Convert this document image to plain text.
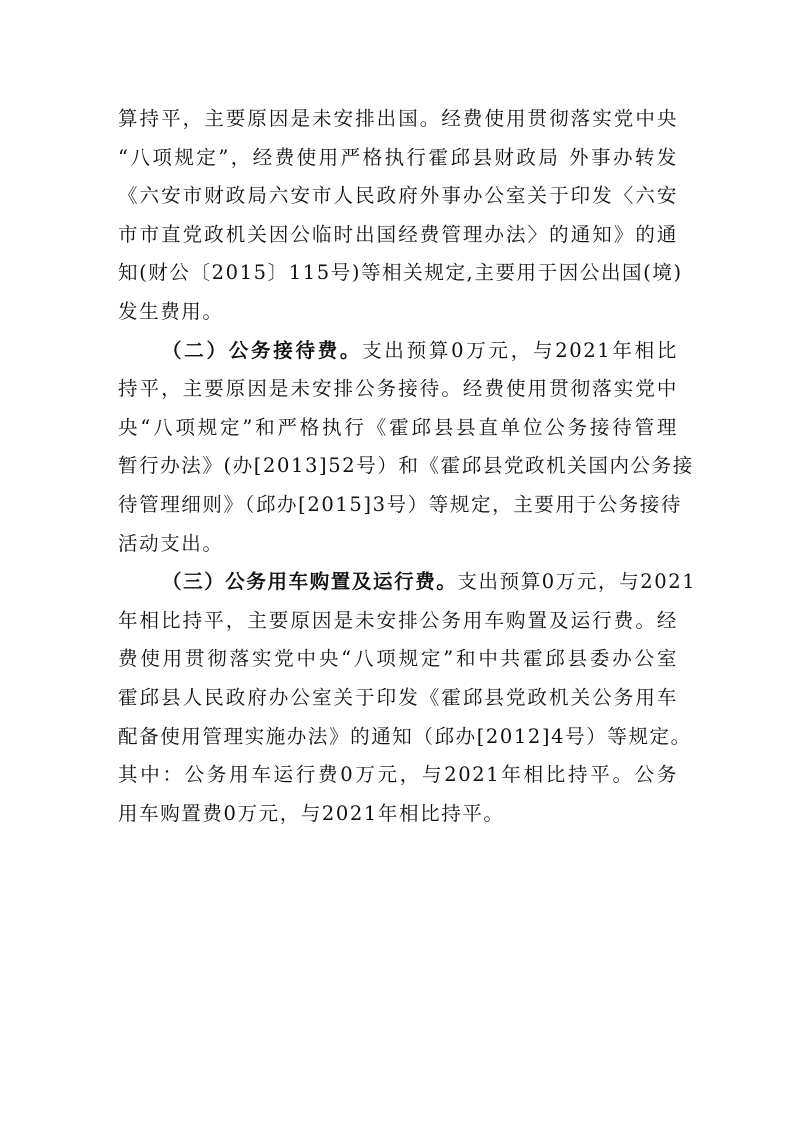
算持平，主要原因是未安排出国。经费使用贯彻落实党中央
“八项规定”，经费使用严格执行霍邱县财政局 外事办转发
《六安市财政局六安市人民政府外事办公室关于印发〈六安
市市直党政机关因公临时出国经费管理办法〉的通知》的通
知(财公〔2015〕115号)等相关规定,主要用于因公出国(境)
发生费用。
（二）公务接待费。支出预算0万元，与2021年相比
持平，主要原因是未安排公务接待。经费使用贯彻落实党中
央“八项规定”和严格执行《霍邱县县直单位公务接待管理
暂行办法》(办[2013]52号）和《霍邱县党政机关国内公务接
待管理细则》（邱办[2015]3号）等规定，主要用于公务接待
活动支出。
（三）公务用车购置及运行费。支出预算0万元，与2021
年相比持平，主要原因是未安排公务用车购置及运行费。经
费使用贯彻落实党中央“八项规定”和中共霍邱县委办公室
霍邱县人民政府办公室关于印发《霍邱县党政机关公务用车
配备使用管理实施办法》的通知（邱办[2012]4号）等规定。
其中：公务用车运行费0万元，与2021年相比持平。公务
用车购置费0万元，与2021年相比持平。
